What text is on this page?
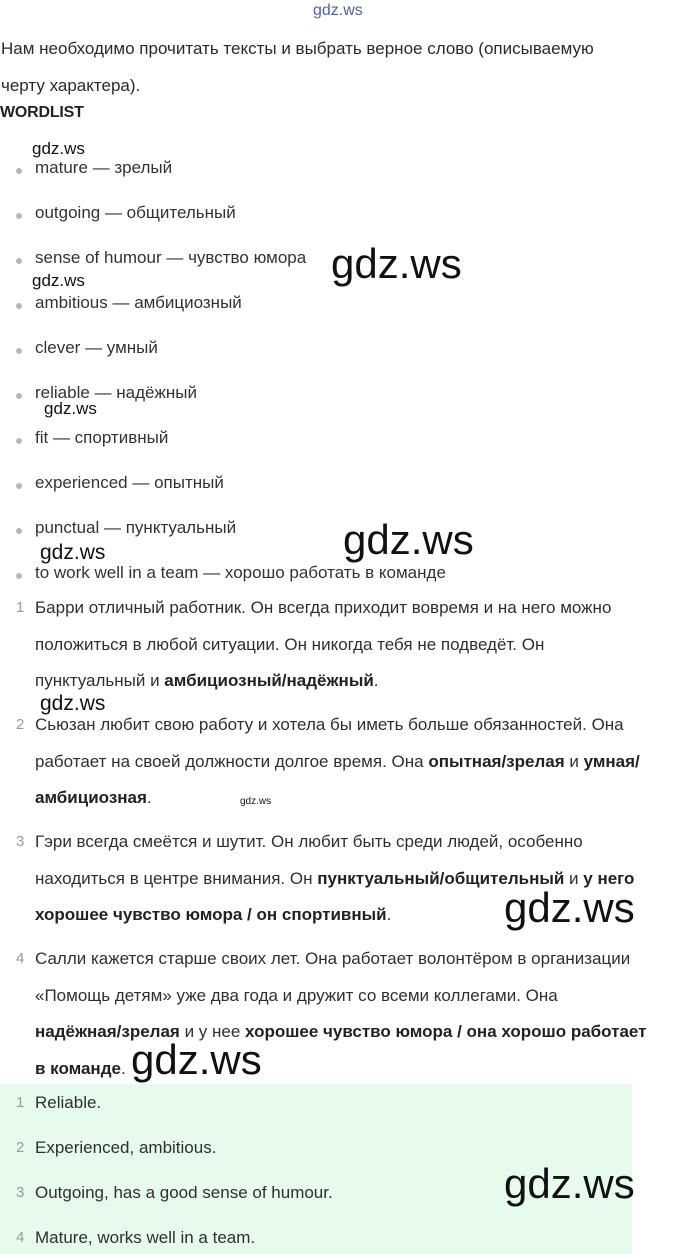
gdz.ws
Нам необходимо прочитать тексты и выбрать верное слово (описываемую
черту характера).
WORDLIST
mature — зрелый
outgoing — общительный
sense of humour — чувство юмора
ambitious — амбициозный
clever — умный
reliable — надёжный
fit — спортивный
experienced — опытный
punctual — пунктуальный
to work well in a team — хорошо работать в команде
1 Барри отличный работник. Он всегда приходит вовремя и на него можно
положиться в любой ситуации. Он никогда тебя не подведёт. Он
пунктуальный и амбициозный/надёжный.
2 Сьюзан любит свою работу и хотела бы иметь больше обязанностей. Она
работает на своей должности долгое время. Она опытная/зрелая и умная/
амбициозная.
3 Гэри всегда смеётся и шутит. Он любит быть среди людей, особенно
находиться в центре внимания. Он пунктуальный/общительный и у него
хорошее чувство юмора / он спортивный.
4 Салли кажется старше своих лет. Она работает волонтёром в организации
«Помощь детям» уже два года и дружит со всеми коллегами. Она
надёжная/зрелая и у нее хорошее чувство юмора / она хорошо работает
в команде.
1 Reliable.
2 Experienced, ambitious.
3 Outgoing, has a good sense of humour.
4 Mature, works well in a team.
gdz.ws
gdz.ws
gdz.ws
gdz.ws
gdz.ws
gdz.ws
gdz.ws
gdz.ws
gdz.ws
gdz.ws
gdz.ws
